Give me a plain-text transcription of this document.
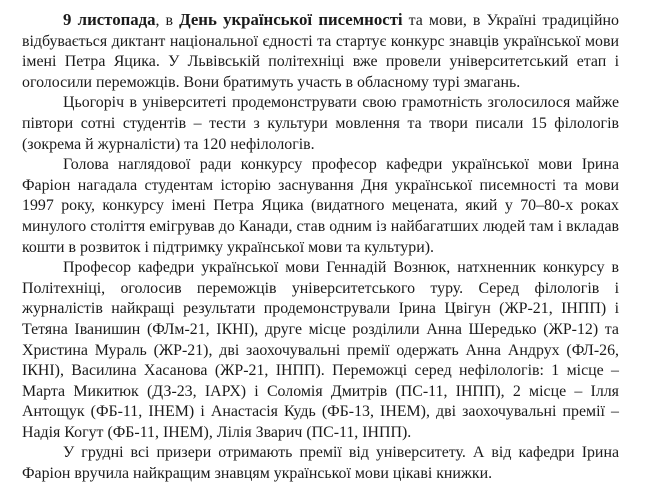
9 листопада, в День української писемності та мови, в Україні традиційно відбувається диктант національної єдності та стартує конкурс знавців української мови імені Петра Яцика. У Львівській політехніці вже провели університетський етап і оголосили переможців. Вони братимуть участь в обласному турі змагань.

Цьогоріч в університеті продемонструвати свою грамотність зголосилося майже півтори сотні студентів – тести з культури мовлення та твори писали 15 філологів (зокрема й журналісти) та 120 нефілологів.

Голова наглядової ради конкурсу професор кафедри української мови Ірина Фаріон нагадала студентам історію заснування Дня української писемності та мови 1997 року, конкурсу імені Петра Яцика (видатного мецената, який у 70–80-х роках минулого століття емігрував до Канади, став одним із найбагатших людей там і вкладав кошти в розвиток і підтримку української мови та культури).

Професор кафедри української мови Геннадій Вознюк, натхненник конкурсу в Політехніці, оголосив переможців університетського туру. Серед філологів і журналістів найкращі результати продемонстрували Ірина Цвігун (ЖР-21, ІНПП) і Тетяна Іванишин (ФЛм-21, ІКНІ), друге місце розділили Анна Шередько (ЖР-12) та Христина Мураль (ЖР-21), дві заохочувальні премії одержать Анна Андрух (ФЛ-26, ІКНІ), Василина Хасанова (ЖР-21, ІНПП). Переможці серед нефілологів: 1 місце – Марта Микитюк (ДЗ-23, ІАРХ) і Соломія Дмитрів (ПС-11, ІНПП), 2 місце – Ілля Антощук (ФБ-11, ІНЕМ) і Анастасія Кудь (ФБ-13, ІНЕМ), дві заохочувальні премії – Надія Когут (ФБ-11, ІНЕМ), Лілія Зварич (ПС-11, ІНПП).

У грудні всі призери отримають премії від університету. А від кафедри Ірина Фаріон вручила найкращим знавцям української мови цікаві книжки.
